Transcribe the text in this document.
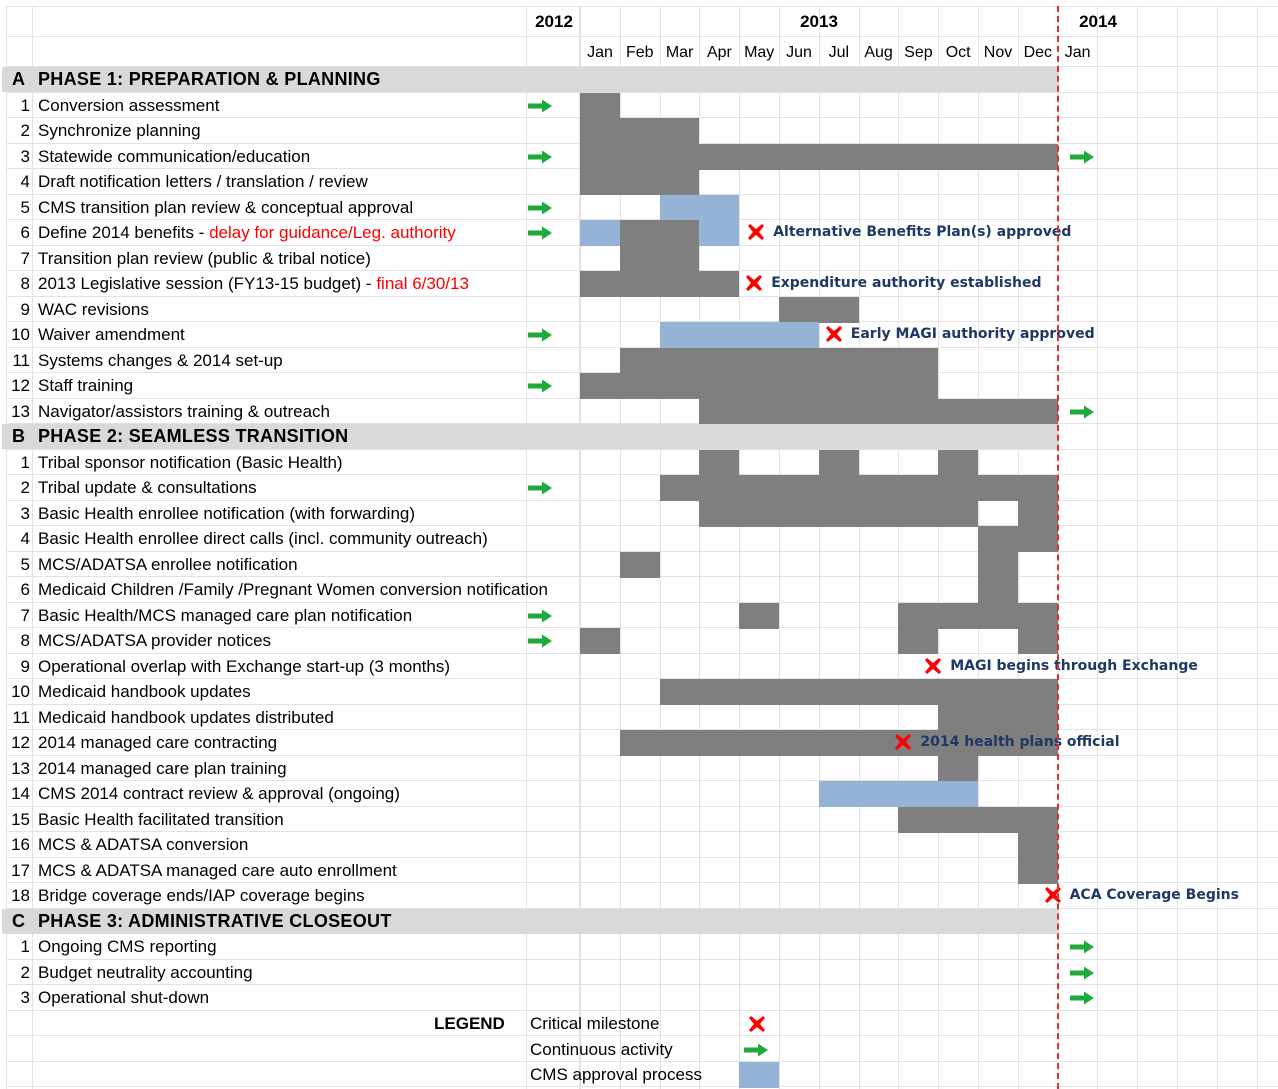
2012	2013	2014
Jan Feb Mar Apr May Jun	Jul Aug Sep Oct Nov Dec Jan
A PHASE 1: PREPARATION & PLANNING
1 Conversion assessment
2 Synchronize planning
3 Statewide communication/education
4 Draft notification letters / translation / review
5 CMS transition plan review & conceptual approval
6 Define 2014 benefits - delay for guidance/Leg. authority	Alternative Benefits Plan(s) approved
7 Transition plan review (public & tribal notice)
8 2013 Legislative session (FY13-15 budget) - final 6/30/13	Expenditure authority established
9 WAC revisions
10 Waiver amendment	Early MAGI authority approved
11 Systems changes & 2014 set-up
12 Staff training
13 Navigator/assistors training & outreach
B PHASE 2: SEAMLESS TRANSITION
1 Tribal sponsor notification (Basic Health)
2 Tribal update & consultations
3 Basic Health enrollee notification (with forwarding)
4 Basic Health enrollee direct calls (incl. community outreach)
5 MCS/ADATSA enrollee notification
6 Medicaid Children /Family /Pregnant Women conversion notification
7 Basic Health/MCS managed care plan notification
8 MCS/ADATSA provider notices
9 Operational overlap with Exchange start-up (3 months)	MAGI begins through Exchange
10 Medicaid handbook updates
11 Medicaid handbook updates distributed
12 2014 managed care contracting	2014 health plans official
13 2014 managed care plan training
14 CMS 2014 contract review & approval (ongoing)
15 Basic Health facilitated transition
16 MCS & ADATSA conversion
17 MCS & ADATSA managed care auto enrollment
18 Bridge coverage ends/IAP coverage begins	ACA Coverage Begins
C PHASE 3: ADMINISTRATIVE CLOSEOUT
1 Ongoing CMS reporting
2 Budget neutrality accounting
3 Operational shut-down
LEGEND Critical milestone
Continuous activity
CMS approval process
